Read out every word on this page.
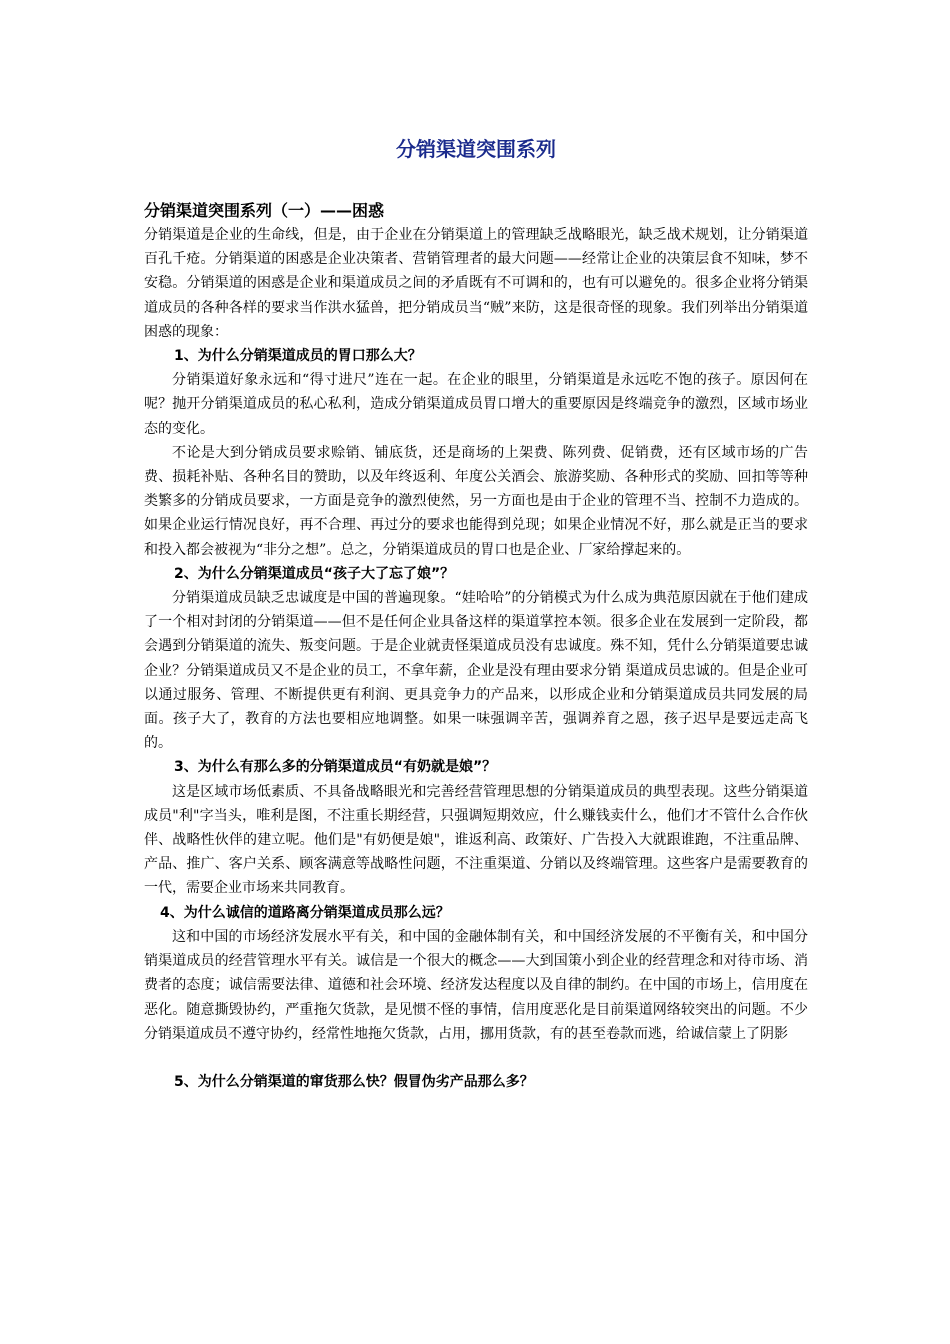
分销渠道突围系列
分销渠道突围系列（一）——困惑

分销渠道是企业的生命线，但是，由于企业在分销渠道上的管理缺乏战略眼光，缺乏战术规划，让分销渠道百孔千疮。分销渠道的困惑是企业决策者、营销管理者的最大问题——经常让企业的决策层食不知味，梦不安稳。分销渠道的困惑是企业和渠道成员之间的矛盾既有不可调和的，也有可以避免的。很多企业将分销渠道成员的各种各样的要求当作洪水猛兽，把分销成员当“贼”来防，这是很奇怪的现象。我们列举出分销渠道困惑的现象：

1、为什么分销渠道成员的胃口那么大？

分销渠道好象永远和“得寸进尺”连在一起。在企业的眼里，分销渠道是永远吃不饱的孩子。原因何在呢？抛开分销渠道成员的私心私利，造成分销渠道成员胃口增大的重要原因是终端竞争的激烈，区域市场业态的变化。

不论是大到分销成员要求赊销、铺底货，还是商场的上架费、陈列费、促销费，还有区域市场的广告费、损耗补贴、各种名目的赞助，以及年终返利、年度公关酒会、旅游奖励、各种形式的奖励、回扣等等种类繁多的分销成员要求，一方面是竞争的激烈使然，另一方面也是由于企业的管理不当、控制不力造成的。如果企业运行情况良好，再不合理、再过分的要求也能得到兑现；如果企业情况不好，那么就是正当的要求和投入都会被视为“非分之想”。总之，分销渠道成员的胃口也是企业、厂家给撑起来的。

2、为什么分销渠道成员“孩子大了忘了娘”？

分销渠道成员缺乏忠诚度是中国的普遍现象。“娃哈哈”的分销模式为什么成为典范原因就在于他们建成了一个相对封闭的分销渠道——但不是任何企业具备这样的渠道掌控本领。很多企业在发展到一定阶段，都会遇到分销渠道的流失、叛变问题。于是企业就责怪渠道成员没有忠诚度。殊不知，凭什么分销渠道要忠诚企业？分销渠道成员又不是企业的员工，不拿年薪，企业是没有理由要求分销 渠道成员忠诚的。但是企业可以通过服务、管理、不断提供更有利润、更具竞争力的产品来，以形成企业和分销渠道成员共同发展的局面。孩子大了，教育的方法也要相应地调整。如果一味强调辛苦，强调养育之恩，孩子迟早是要远走高飞的。

3、为什么有那么多的分销渠道成员“有奶就是娘”？

这是区域市场低素质、不具备战略眼光和完善经营管理思想的分销渠道成员的典型表现。这些分销渠道成员"利"字当头，唯利是图，不注重长期经营，只强调短期效应，什么赚钱卖什么，他们才不管什么合作伙伴、战略性伙伴的建立呢。他们是"有奶便是娘"，谁返利高、政策好、广告投入大就跟谁跑，不注重品牌、产品、推广、客户关系、顾客满意等战略性问题，不注重渠道、分销以及终端管理。这些客户是需要教育的一代，需要企业市场来共同教育。

4、为什么诚信的道路离分销渠道成员那么远？

这和中国的市场经济发展水平有关，和中国的金融体制有关，和中国经济发展的不平衡有关，和中国分销渠道成员的经营管理水平有关。诚信是一个很大的概念——大到国策小到企业的经营理念和对待市场、消费者的态度；诚信需要法律、道德和社会环境、经济发达程度以及自律的制约。在中国的市场上，信用度在恶化。随意撕毁协约，严重拖欠货款，是见惯不怪的事情，信用度恶化是目前渠道网络较突出的问题。不少分销渠道成员不遵守协约，经常性地拖欠货款，占用，挪用货款，有的甚至卷款而逃，给诚信蒙上了阴影

5、为什么分销渠道的窜货那么快？假冒伪劣产品那么多？
